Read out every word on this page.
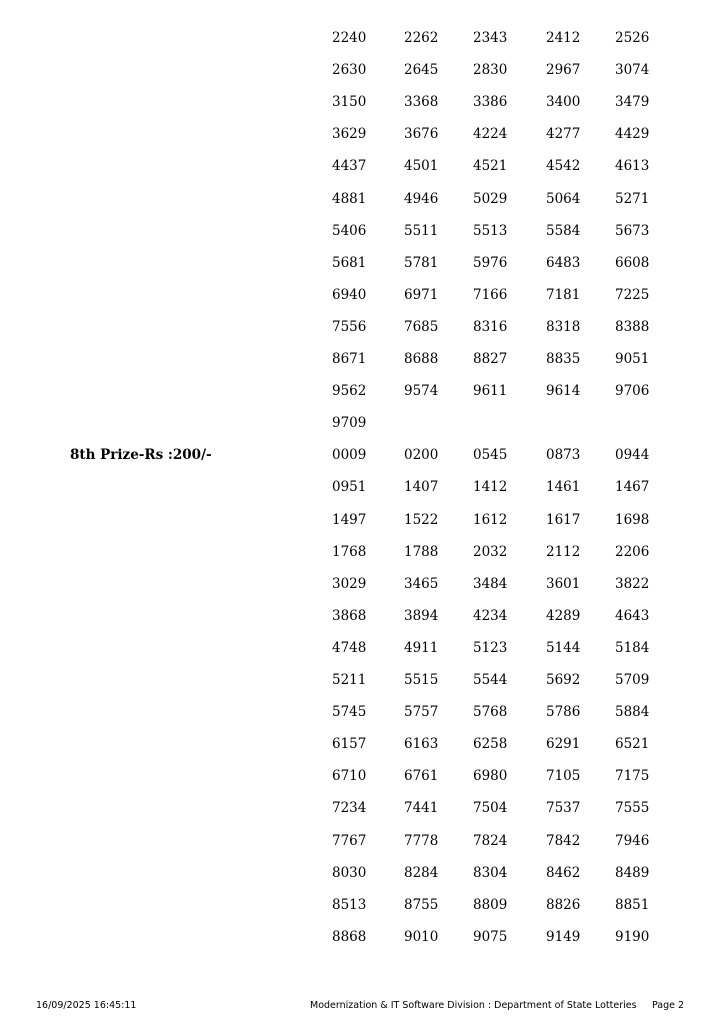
2240	2262	2343	2412	2526
2630	2645	2830	2967	3074
3150	3368	3386	3400	3479
3629	3676	4224	4277	4429
4437	4501	4521	4542	4613
4881	4946	5029	5064	5271
5406	5511	5513	5584	5673
5681	5781	5976	6483	6608
6940	6971	7166	7181	7225
7556	7685	8316	8318	8388
8671	8688	8827	8835	9051
9562	9574	9611	9614	9706
9709
8th Prize-Rs :200/-	0009	0200	0545	0873	0944
0951	1407	1412	1461	1467
1497	1522	1612	1617	1698
1768	1788	2032	2112	2206
3029	3465	3484	3601	3822
3868	3894	4234	4289	4643
4748	4911	5123	5144	5184
5211	5515	5544	5692	5709
5745	5757	5768	5786	5884
6157	6163	6258	6291	6521
6710	6761	6980	7105	7175
7234	7441	7504	7537	7555
7767	7778	7824	7842	7946
8030	8284	8304	8462	8489
8513	8755	8809	8826	8851
8868	9010	9075	9149	9190
16/09/2025 16:45:11	Modernization & IT Software Division : Department of State Lotteries Page 2
